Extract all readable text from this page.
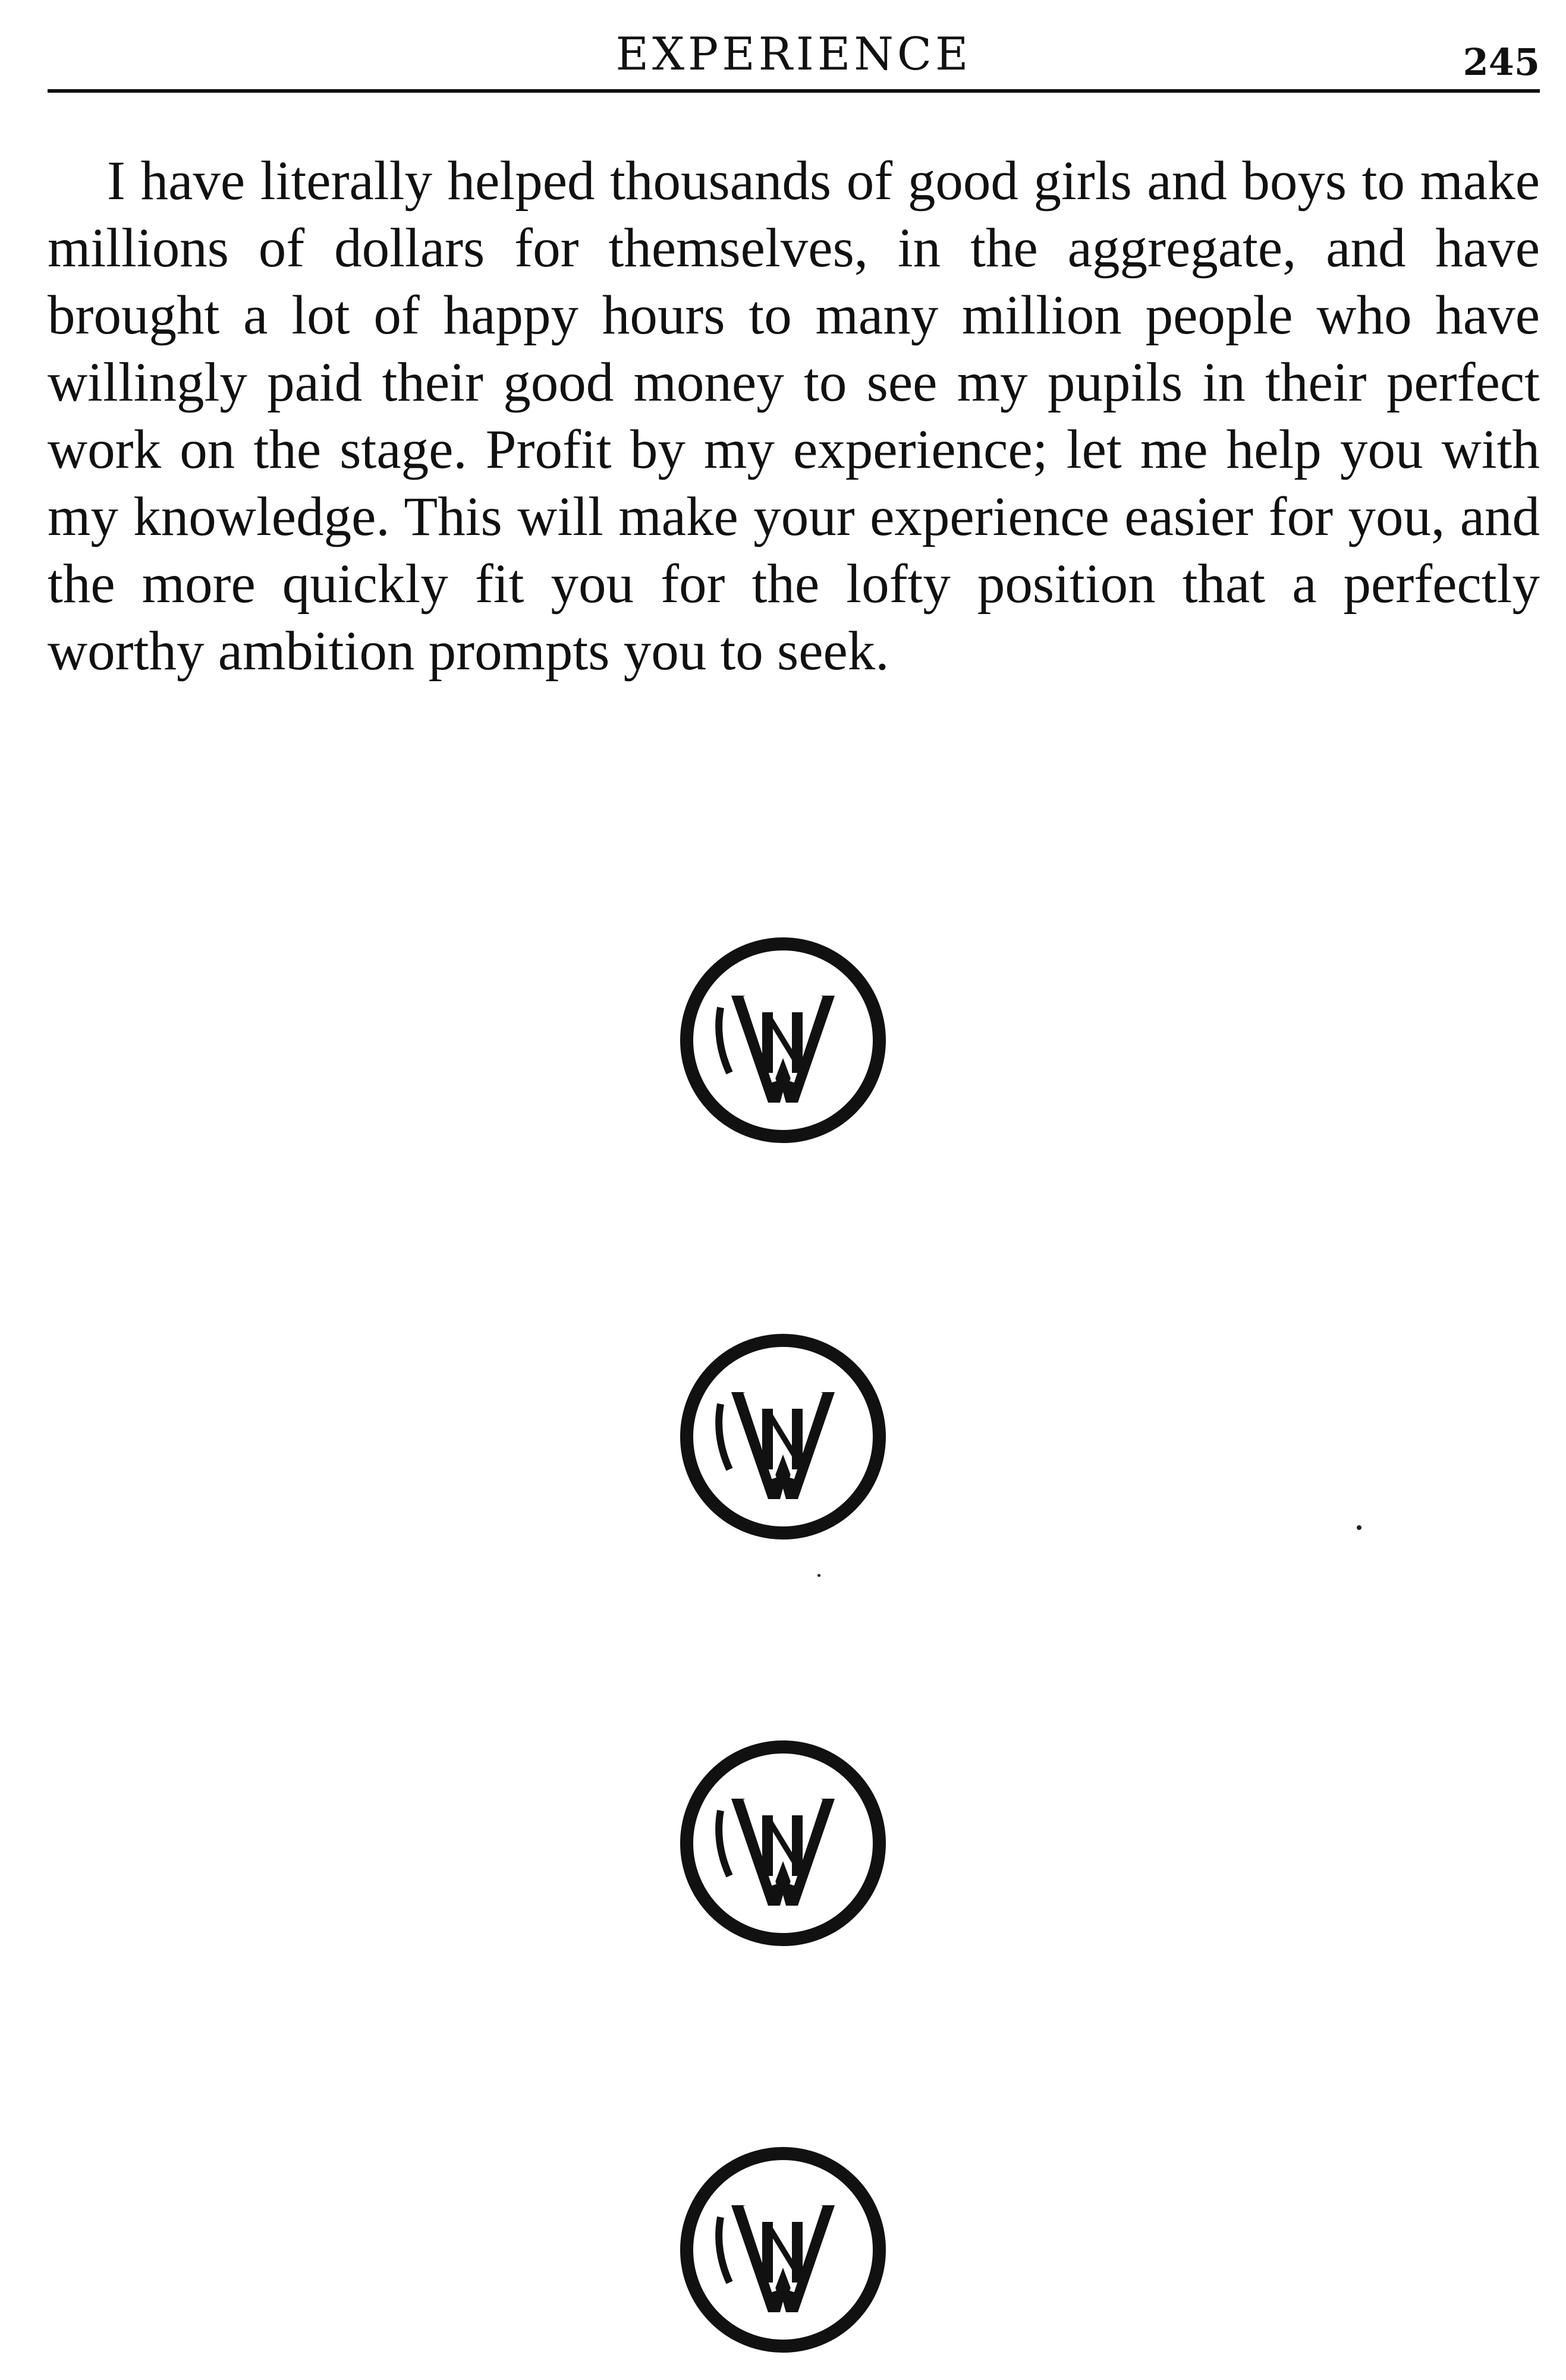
EXPERIENCE	245

I have literally helped thousands of good girls and boys to make millions of dollars for themselves, in the aggregate, and have brought a lot of happy hours to many million people who have willingly paid their good money to see my pupils in their perfect work on the stage. Profit by my experience; let me help you with my knowledge. This will make your experience easier for you, and the more quickly fit you for the lofty position that a perfectly worthy ambition prompts you to seek.
